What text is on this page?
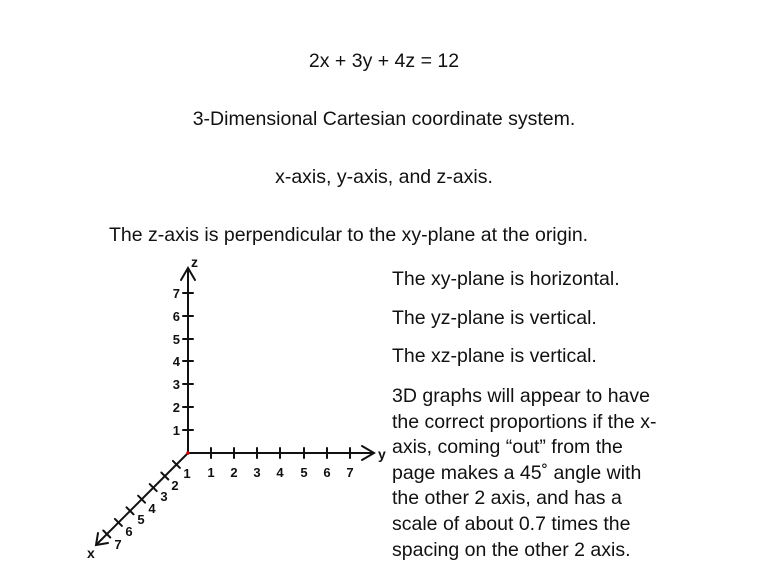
2x + 3y + 4z = 12
3-Dimensional Cartesian coordinate system.
x-axis, y-axis, and z-axis.
The z-axis is perpendicular to the xy-plane at the origin.
The xy-plane is horizontal.
The yz-plane is vertical.
The xz-plane is vertical.
3D graphs will appear to have
the correct proportions if the x-
axis, coming “out” from the
page makes a 45˚ angle with
the other 2 axis, and has a
scale of about 0.7 times the
spacing on the other 2 axis.
1
2
3
4
5
6
7
1 2 3 4 5 6 7
1
2
3
4
5
6
7
z
y
x
